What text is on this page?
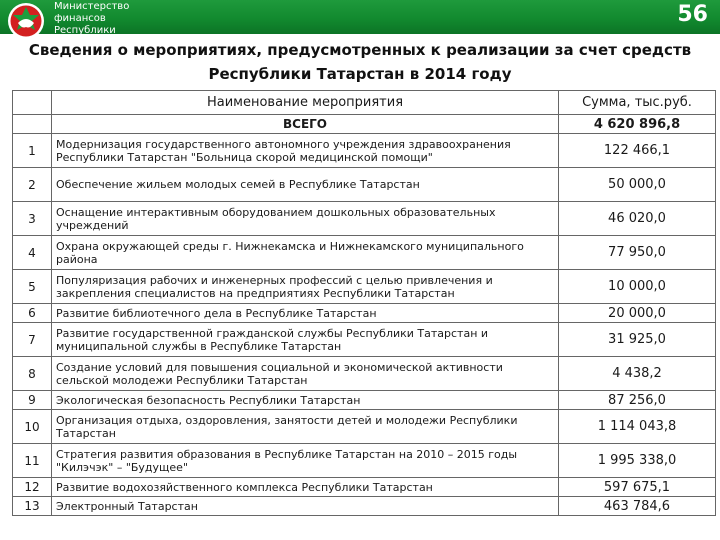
Министерство
финансов
Республики
56
Сведения о мероприятиях, предусмотренных к реализации за счет средств
Республики Татарстан в 2014 году
	Наименование мероприятия	Сумма, тыс.руб.
	ВСЕГО	4 620 896,8
1	Модернизация государственного автономного учреждения здравоохранения Республики Татарстан "Больница скорой медицинской помощи"	122 466,1
2	Обеспечение жильем молодых семей в Республике Татарстан	50 000,0
3	Оснащение интерактивным оборудованием дошкольных образовательных учреждений	46 020,0
4	Охрана окружающей среды г. Нижнекамска и Нижнекамского муниципального района	77 950,0
5	Популяризация рабочих и инженерных профессий с целью привлечения и закрепления специалистов на предприятиях Республики Татарстан	10 000,0
6	Развитие библиотечного дела в Республике Татарстан	20 000,0
7	Развитие государственной гражданской службы Республики Татарстан и муниципальной службы в Республике Татарстан	31 925,0
8	Создание условий для повышения социальной и экономической активности сельской молодежи Республики Татарстан	4 438,2
9	Экологическая безопасность Республики Татарстан	87 256,0
10	Организация отдыха, оздоровления, занятости детей и молодежи Республики Татарстан	1 114 043,8
11	Стратегия развития образования в Республике Татарстан на 2010 – 2015 годы "Килэчэк" – "Будущее"	1 995 338,0
12	Развитие водохозяйственного комплекса Республики Татарстан	597 675,1
13	Электронный Татарстан	463 784,6
